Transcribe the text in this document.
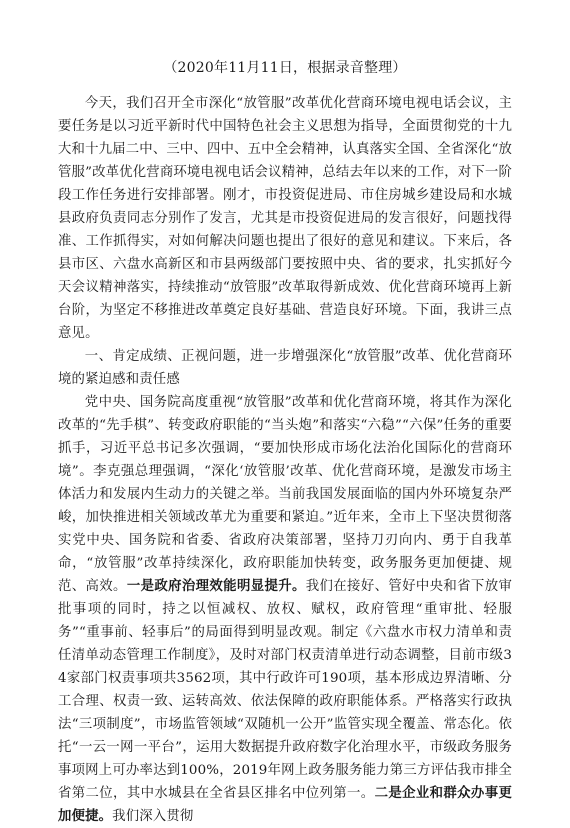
（2020年11月11日，根据录音整理）

今天，我们召开全市深化“放管服”改革优化营商环境电视电话会议，主要任务是以习近平新时代中国特色社会主义思想为指导，全面贯彻党的十九大和十九届二中、三中、四中、五中全会精神，认真落实全国、全省深化“放管服”改革优化营商环境电视电话会议精神，总结去年以来的工作，对下一阶段工作任务进行安排部署。刚才，市投资促进局、市住房城乡建设局和水城县政府负责同志分别作了发言，尤其是市投资促进局的发言很好，问题找得准、工作抓得实，对如何解决问题也提出了很好的意见和建议。下来后，各县市区、六盘水高新区和市县两级部门要按照中央、省的要求，扎实抓好今天会议精神落实，持续推动“放管服”改革取得新成效、优化营商环境再上新台阶，为坚定不移推进改革奠定良好基础、营造良好环境。下面，我讲三点意见。

一、肯定成绩、正视问题，进一步增强深化“放管服”改革、优化营商环境的紧迫感和责任感

党中央、国务院高度重视“放管服”改革和优化营商环境，将其作为深化改革的“先手棋”、转变政府职能的“当头炮”和落实“六稳”“六保”任务的重要抓手，习近平总书记多次强调，“要加快形成市场化法治化国际化的营商环境”。李克强总理强调，“深化‘放管服’改革、优化营商环境，是激发市场主体活力和发展内生动力的关键之举。当前我国发展面临的国内外环境复杂严峻，加快推进相关领域改革尤为重要和紧迫。”近年来，全市上下坚决贯彻落实党中央、国务院和省委、省政府决策部署，坚持刀刃向内、勇于自我革命，“放管服”改革持续深化，政府职能加快转变，政务服务更加便捷、规范、高效。一是政府治理效能明显提升。我们在接好、管好中央和省下放审批事项的同时，持之以恒减权、放权、赋权，政府管理“重审批、轻服务”“重事前、轻事后”的局面得到明显改观。制定《六盘水市权力清单和责任清单动态管理工作制度》，及时对部门权责清单进行动态调整，目前市级34家部门权责事项共3562项，其中行政许可190项，基本形成边界清晰、分工合理、权责一致、运转高效、依法保障的政府职能体系。严格落实行政执法“三项制度”，市场监管领域“双随机一公开”监管实现全覆盖、常态化。依托“一云一网一平台”，运用大数据提升政府数字化治理水平，市级政务服务事项网上可办率达到100%，2019年网上政务服务能力第三方评估我市排全省第二位，其中水城县在全省县区排名中位列第一。二是企业和群众办事更加便捷。我们深入贯彻
